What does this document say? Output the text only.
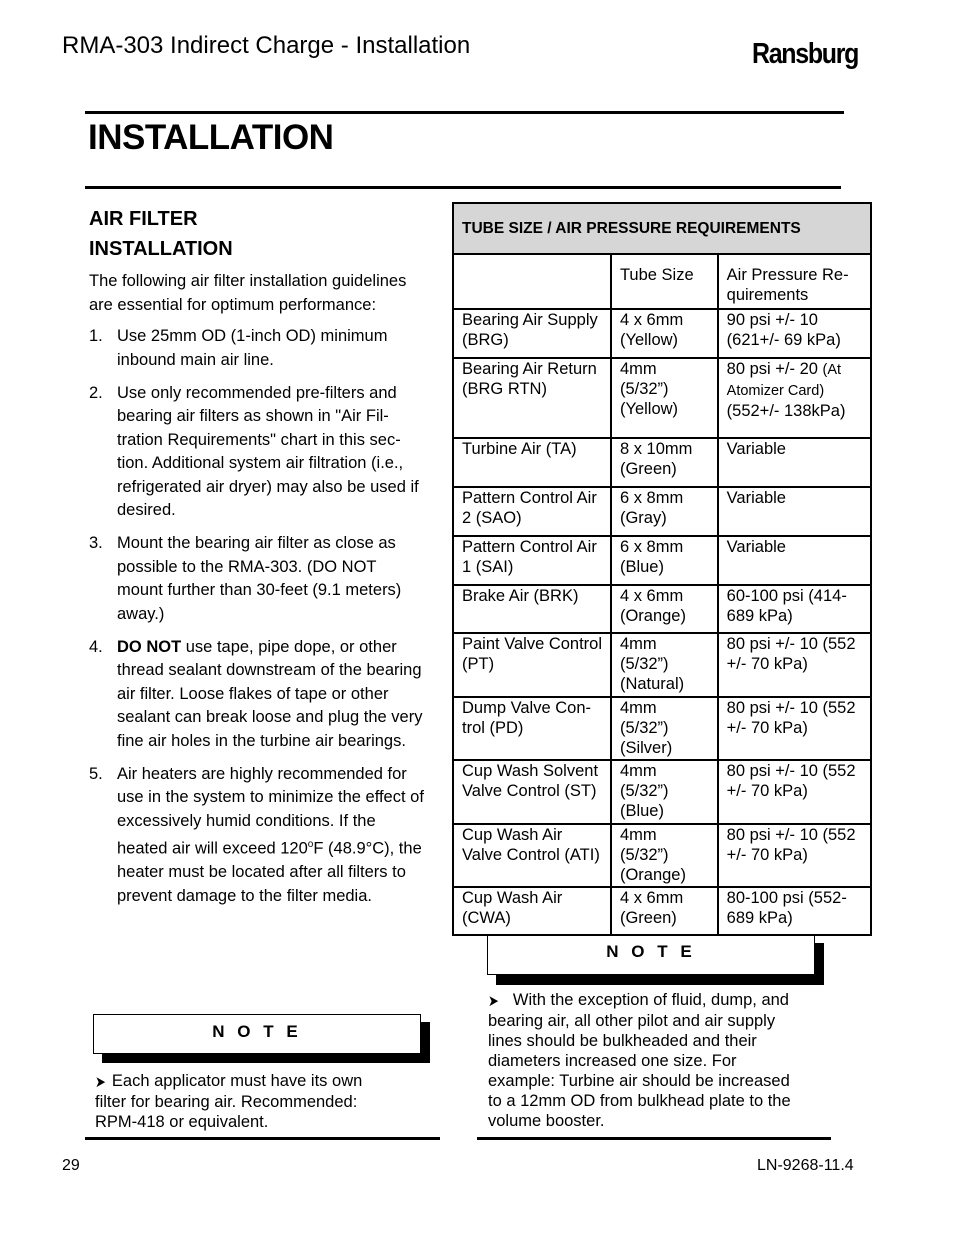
RMA-303 Indirect Charge - Installation	Ransburg
INSTALLATION
AIR FILTER
INSTALLATION

The following air filter installation guidelines are essential for optimum performance:

1. Use 25mm OD (1-inch OD) minimum inbound main air line.
2. Use only recommended pre-filters and bearing air filters as shown in "Air Filtration Requirements" chart in this section. Additional system air filtration (i.e., refrigerated air dryer) may also be used if desired.
3. Mount the bearing air filter as close as possible to the RMA-303. (DO NOT mount further than 30-feet (9.1 meters) away.)
4. DO NOT use tape, pipe dope, or other thread sealant downstream of the bearing air filter. Loose flakes of tape or other sealant can break loose and plug the very fine air holes in the turbine air bearings.
5. Air heaters are highly recommended for use in the system to minimize the effect of excessively humid conditions. If the heated air will exceed 120$^o$F (48.9°C), the heater must be located after all filters to prevent damage to the filter media.
N O T E
➤ Each applicator must have its own filter for bearing air. Recommended: RPM-418 or equivalent.
TUBE SIZE / AIR PRESSURE REQUIREMENTS		
	Tube Size	Air Pressure Requirements
Bearing Air Supply (BRG)	4 x 6mm (Yellow)	90 psi +/- 10 (621+/- 69 kPa)
Bearing Air Return (BRG RTN)	4mm (5/32”) (Yellow)	80 psi +/- 20 (At Atomizer Card)
(552+/- 138kPa)
Turbine Air (TA)	8 x 10mm (Green)	Variable
Pattern Control Air 2 (SAO)	6 x 8mm (Gray)	Variable
Pattern Control Air 1 (SAI)	6 x 8mm (Blue)	Variable
Brake Air (BRK)	4 x 6mm (Orange)	60-100 psi (414-689 kPa)
Paint Valve Control (PT)	4mm (5/32”) (Natural)	80 psi +/- 10 (552 +/- 70 kPa)
Dump Valve Control (PD)	4mm (5/32”) (Silver)	80 psi +/- 10 (552 +/- 70 kPa)
Cup Wash Solvent Valve Control (ST)	4mm (5/32”) (Blue)	80 psi +/- 10 (552 +/- 70 kPa)
Cup Wash Air Valve Control (ATI)	4mm (5/32”) (Orange)	80 psi +/- 10 (552 +/- 70 kPa)
Cup Wash Air (CWA)	4 x 6mm (Green)	80-100 psi (552-689 kPa)
N O T E
➤ With the exception of fluid, dump, and bearing air, all other pilot and air supply lines should be bulkheaded and their diameters increased one size. For example: Turbine air should be increased to a 12mm OD from bulkhead plate to the volume booster.
29	LN-9268-11.4
